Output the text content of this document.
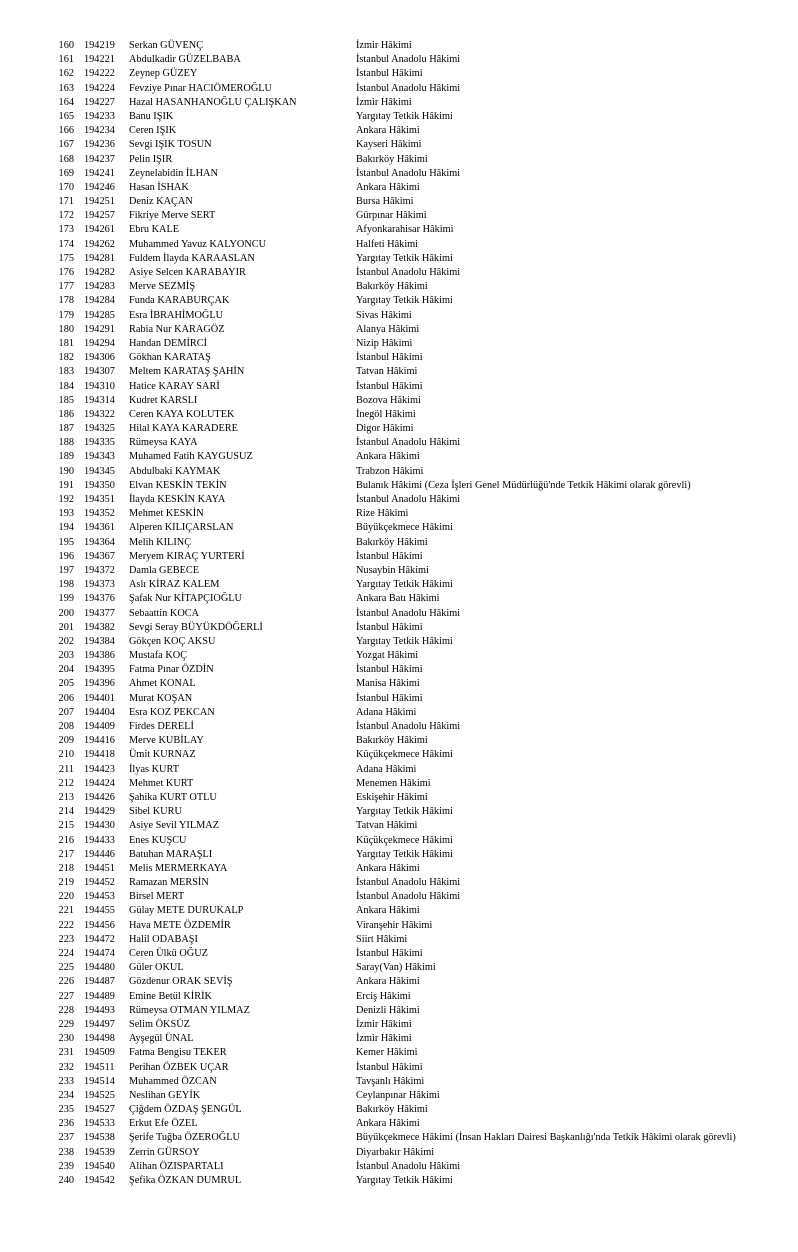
160 194219 Serkan GÜVENÇ	İzmir Hâkimi
161 194221 Abdulkadir GÜZELBABA	İstanbul Anadolu Hâkimi
162 194222 Zeynep GÜZEY	İstanbul Hâkimi
163 194224 Fevziye Pınar HACIÖMEROĞLU	İstanbul Anadolu Hâkimi
164 194227 Hazal HASANHANOĞLU ÇALIŞKAN	İzmir Hâkimi
165 194233 Banu IŞIK	Yargıtay Tetkik Hâkimi
166 194234 Ceren IŞIK	Ankara Hâkimi
167 194236 Sevgi IŞIK TOSUN	Kayseri Hâkimi
168 194237 Pelin IŞIR	Bakırköy Hâkimi
169 194241 Zeynelabidin İLHAN	İstanbul Anadolu Hâkimi
170 194246 Hasan İSHAK	Ankara Hâkimi
171 194251 Deniz KAÇAN	Bursa Hâkimi
172 194257 Fikriye Merve SERT	Gürpınar Hâkimi
173 194261 Ebru KALE	Afyonkarahisar Hâkimi
174 194262 Muhammed Yavuz KALYONCU	Halfeti Hâkimi
175 194281 Fuldem İlayda KARAASLAN	Yargıtay Tetkik Hâkimi
176 194282 Asiye Selcen KARABAYIR	İstanbul Anadolu Hâkimi
177 194283 Merve SEZMİŞ	Bakırköy Hâkimi
178 194284 Funda KARABURÇAK	Yargıtay Tetkik Hâkimi
179 194285 Esra İBRAHİMOĞLU	Sivas Hâkimi
180 194291 Rabia Nur KARAGÖZ	Alanya Hâkimi
181 194294 Handan DEMİRCİ	Nizip Hâkimi
182 194306 Gökhan KARATAŞ	İstanbul Hâkimi
183 194307 Meltem KARATAŞ ŞAHİN	Tatvan Hâkimi
184 194310 Hatice KARAY SARİ	İstanbul Hâkimi
185 194314 Kudret KARSLI	Bozova Hâkimi
186 194322 Ceren KAYA KOLUTEK	İnegöl Hâkimi
187 194325 Hilal KAYA KARADERE	Digor Hâkimi
188 194335 Rümeysa KAYA	İstanbul Anadolu Hâkimi
189 194343 Muhamed Fatih KAYGUSUZ	Ankara Hâkimi
190 194345 Abdulbaki KAYMAK	Trabzon Hâkimi
191 194350 Elvan KESKİN TEKİN	Bulanık Hâkimi (Ceza İşleri Genel Müdürlüğü'nde Tetkik Hâkimi olarak görevli)
192 194351 İlayda KESKİN KAYA	İstanbul Anadolu Hâkimi
193 194352 Mehmet KESKİN	Rize Hâkimi
194 194361 Alperen KILIÇARSLAN	Büyükçekmece Hâkimi
195 194364 Melih KILINÇ	Bakırköy Hâkimi
196 194367 Meryem KIRAÇ YURTERİ	İstanbul Hâkimi
197 194372 Damla GEBECE	Nusaybin Hâkimi
198 194373 Aslı KİRAZ KALEM	Yargıtay Tetkik Hâkimi
199 194376 Şafak Nur KİTAPÇIOĞLU	Ankara Batı Hâkimi
200 194377 Sebaattin KOCA	İstanbul Anadolu Hâkimi
201 194382 Sevgi Seray BÜYÜKDÖĞERLİ	İstanbul Hâkimi
202 194384 Gökçen KOÇ AKSU	Yargıtay Tetkik Hâkimi
203 194386 Mustafa KOÇ	Yozgat Hâkimi
204 194395 Fatma Pınar ÖZDİN	İstanbul Hâkimi
205 194396 Ahmet KONAL	Manisa Hâkimi
206 194401 Murat KOŞAN	İstanbul Hâkimi
207 194404 Esra KOZ PEKCAN	Adana Hâkimi
208 194409 Firdes DERELİ	İstanbul Anadolu Hâkimi
209 194416 Merve KUBİLAY	Bakırköy Hâkimi
210 194418 Ümit KURNAZ	Küçükçekmece Hâkimi
211 194423 İlyas KURT	Adana Hâkimi
212 194424 Mehmet KURT	Menemen Hâkimi
213 194426 Şahika KURT OTLU	Eskişehir Hâkimi
214 194429 Sibel KURU	Yargıtay Tetkik Hâkimi
215 194430 Asiye Sevil YILMAZ	Tatvan Hâkimi
216 194433 Enes KUŞCU	Küçükçekmece Hâkimi
217 194446 Batuhan MARAŞLI	Yargıtay Tetkik Hâkimi
218 194451 Melis MERMERKAYA	Ankara Hâkimi
219 194452 Ramazan MERSİN	İstanbul Anadolu Hâkimi
220 194453 Birsel MERT	İstanbul Anadolu Hâkimi
221 194455 Gülay METE DURUKALP	Ankara Hâkimi
222 194456 Hava METE ÖZDEMİR	Viranşehir Hâkimi
223 194472 Halil ODABAŞI	Siirt Hâkimi
224 194474 Ceren Ülkü OĞUZ	İstanbul Hâkimi
225 194480 Güler OKUL	Saray(Van) Hâkimi
226 194487 Gözdenur ORAK SEVİŞ	Ankara Hâkimi
227 194489 Emine Betül KİRİK	Erciş Hâkimi
228 194493 Rümeysa OTMAN YILMAZ	Denizli Hâkimi
229 194497 Selim ÖKSÜZ	İzmir Hâkimi
230 194498 Ayşegül ÜNAL	İzmir Hâkimi
231 194509 Fatma Bengisu TEKER	Kemer Hâkimi
232 194511 Perihan ÖZBEK UÇAR	İstanbul Hâkimi
233 194514 Muhammed ÖZCAN	Tavşanlı Hâkimi
234 194525 Neslihan GEYİK	Ceylanpınar Hâkimi
235 194527 Çiğdem ÖZDAŞ ŞENGÜL	Bakırköy Hâkimi
236 194533 Erkut Efe ÖZEL	Ankara Hâkimi
237 194538 Şerife Tuğba ÖZEROĞLU	Büyükçekmece Hâkimi (İnsan Hakları Dairesi Başkanlığı'nda Tetkik Hâkimi olarak görevli)
238 194539 Zerrin GÜRSOY	Diyarbakır Hâkimi
239 194540 Alihan ÖZISPARTALI	İstanbul Anadolu Hâkimi
240 194542 Şefika ÖZKAN DUMRUL	Yargıtay Tetkik Hâkimi
